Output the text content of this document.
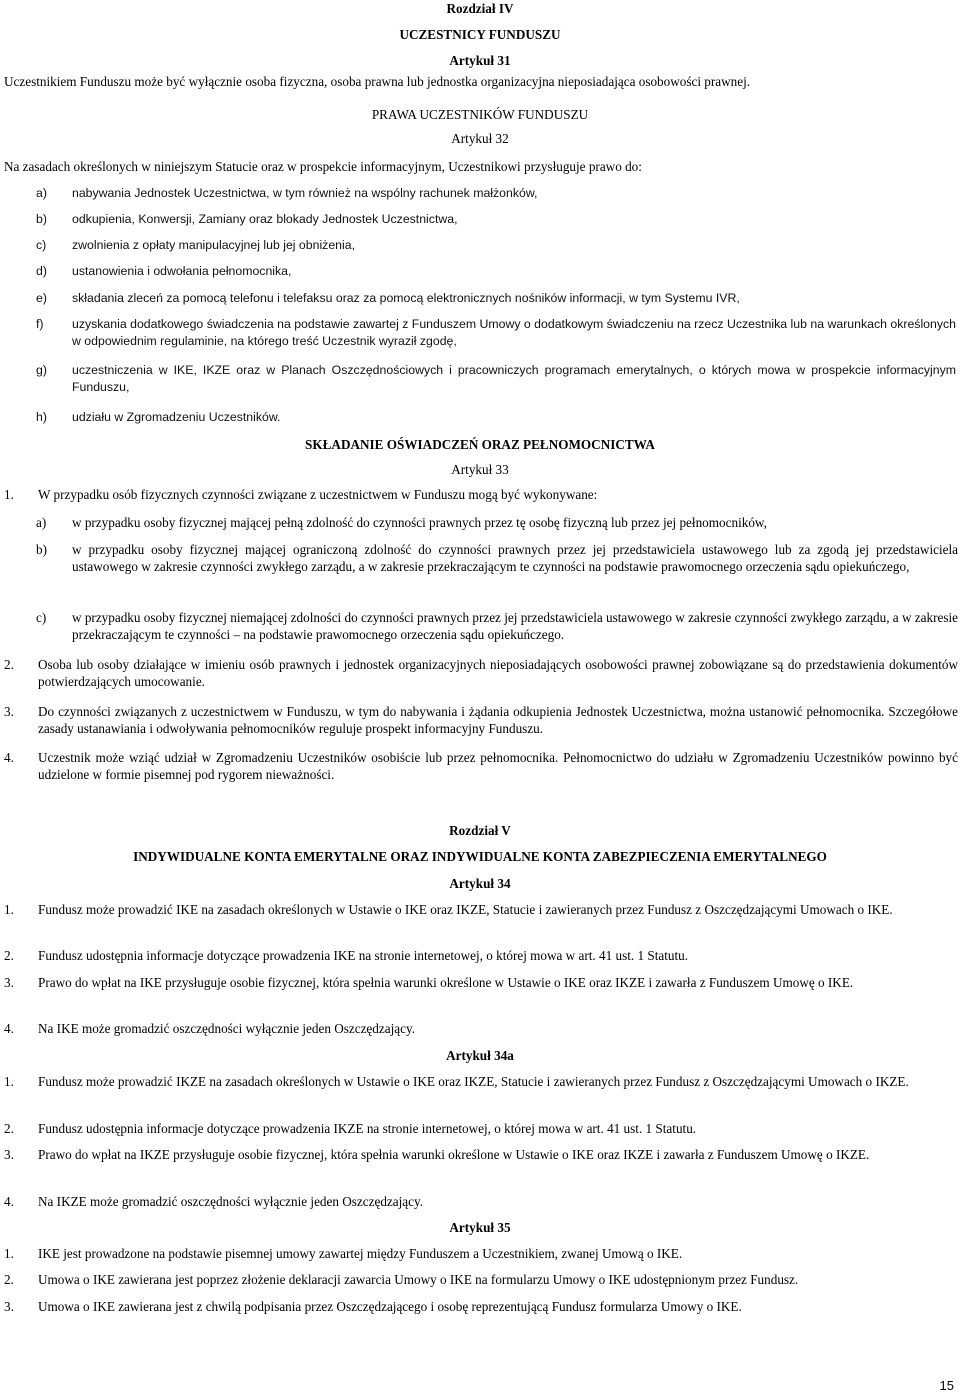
Rozdział IV
UCZESTNICY FUNDUSZU
Artykuł 31
Uczestnikiem Funduszu może być wyłącznie osoba fizyczna, osoba prawna lub jednostka organizacyjna nieposiadająca osobowości prawnej.
PRAWA UCZESTNIKÓW FUNDUSZU
Artykuł 32
Na zasadach określonych w niniejszym Statucie oraz w prospekcie informacyjnym, Uczestnikowi przysługuje prawo do:
a) nabywania Jednostek Uczestnictwa, w tym również na wspólny rachunek małżonków,
b) odkupienia, Konwersji, Zamiany oraz blokady Jednostek Uczestnictwa,
c) zwolnienia z opłaty manipulacyjnej lub jej obniżenia,
d) ustanowienia i odwołania pełnomocnika,
e) składania zleceń za pomocą telefonu i telefaksu oraz za pomocą elektronicznych nośników informacji, w tym Systemu IVR,
f) uzyskania dodatkowego świadczenia na podstawie zawartej z Funduszem Umowy o dodatkowym świadczeniu na rzecz Uczestnika lub na warunkach określonych w odpowiednim regulaminie, na którego treść Uczestnik wyraził zgodę,
g) uczestniczenia w IKE, IKZE oraz w Planach Oszczędnościowych i pracowniczych programach emerytalnych, o których mowa w prospekcie informacyjnym Funduszu,
h) udziału w Zgromadzeniu Uczestników.
SKŁADANIE OŚWIADCZEŃ ORAZ PEŁNOMOCNICTWA
Artykuł 33
1. W przypadku osób fizycznych czynności związane z uczestnictwem w Funduszu mogą być wykonywane:
a) w przypadku osoby fizycznej mającej pełną zdolność do czynności prawnych przez tę osobę fizyczną lub przez jej pełnomocników,
b) w przypadku osoby fizycznej mającej ograniczoną zdolność do czynności prawnych przez jej przedstawiciela ustawowego lub za zgodą jej przedstawiciela ustawowego w zakresie czynności zwykłego zarządu, a w zakresie przekraczającym te czynności na podstawie prawomocnego orzeczenia sądu opiekuńczego,
c) w przypadku osoby fizycznej niemającej zdolności do czynności prawnych przez jej przedstawiciela ustawowego w zakresie czynności zwykłego zarządu, a w zakresie przekraczającym te czynności – na podstawie prawomocnego orzeczenia sądu opiekuńczego.
2. Osoba lub osoby działające w imieniu osób prawnych i jednostek organizacyjnych nieposiadających osobowości prawnej zobowiązane są do przedstawienia dokumentów potwierdzających umocowanie.
3. Do czynności związanych z uczestnictwem w Funduszu, w tym do nabywania i żądania odkupienia Jednostek Uczestnictwa, można ustanowić pełnomocnika. Szczegółowe zasady ustanawiania i odwoływania pełnomocników reguluje prospekt informacyjny Funduszu.
4. Uczestnik może wziąć udział w Zgromadzeniu Uczestników osobiście lub przez pełnomocnika. Pełnomocnictwo do udziału w Zgromadzeniu Uczestników powinno być udzielone w formie pisemnej pod rygorem nieważności.
Rozdział V
INDYWIDUALNE KONTA EMERYTALNE ORAZ INDYWIDUALNE KONTA ZABEZPIECZENIA EMERYTALNEGO
Artykuł 34
1. Fundusz może prowadzić IKE na zasadach określonych w Ustawie o IKE oraz IKZE, Statucie i zawieranych przez Fundusz z Oszczędzającymi Umowach o IKE.
2. Fundusz udostępnia informacje dotyczące prowadzenia IKE na stronie internetowej, o której mowa w art. 41 ust. 1 Statutu.
3. Prawo do wpłat na IKE przysługuje osobie fizycznej, która spełnia warunki określone w Ustawie o IKE oraz IKZE i zawarła z Funduszem Umowę o IKE.
4. Na IKE może gromadzić oszczędności wyłącznie jeden Oszczędzający.
Artykuł 34a
1. Fundusz może prowadzić IKZE na zasadach określonych w Ustawie o IKE oraz IKZE, Statucie i zawieranych przez Fundusz z Oszczędzającymi Umowach o IKZE.
2. Fundusz udostępnia informacje dotyczące prowadzenia IKZE na stronie internetowej, o której mowa w art. 41 ust. 1 Statutu.
3. Prawo do wpłat na IKZE przysługuje osobie fizycznej, która spełnia warunki określone w Ustawie o IKE oraz IKZE i zawarła z Funduszem Umowę o IKZE.
4. Na IKZE może gromadzić oszczędności wyłącznie jeden Oszczędzający.
Artykuł 35
1. IKE jest prowadzone na podstawie pisemnej umowy zawartej między Funduszem a Uczestnikiem, zwanej Umową o IKE.
2. Umowa o IKE zawierana jest poprzez złożenie deklaracji zawarcia Umowy o IKE na formularzu Umowy o IKE udostępnionym przez Fundusz.
3. Umowa o IKE zawierana jest z chwilą podpisania przez Oszczędzającego i osobę reprezentującą Fundusz formularza Umowy o IKE.
15
